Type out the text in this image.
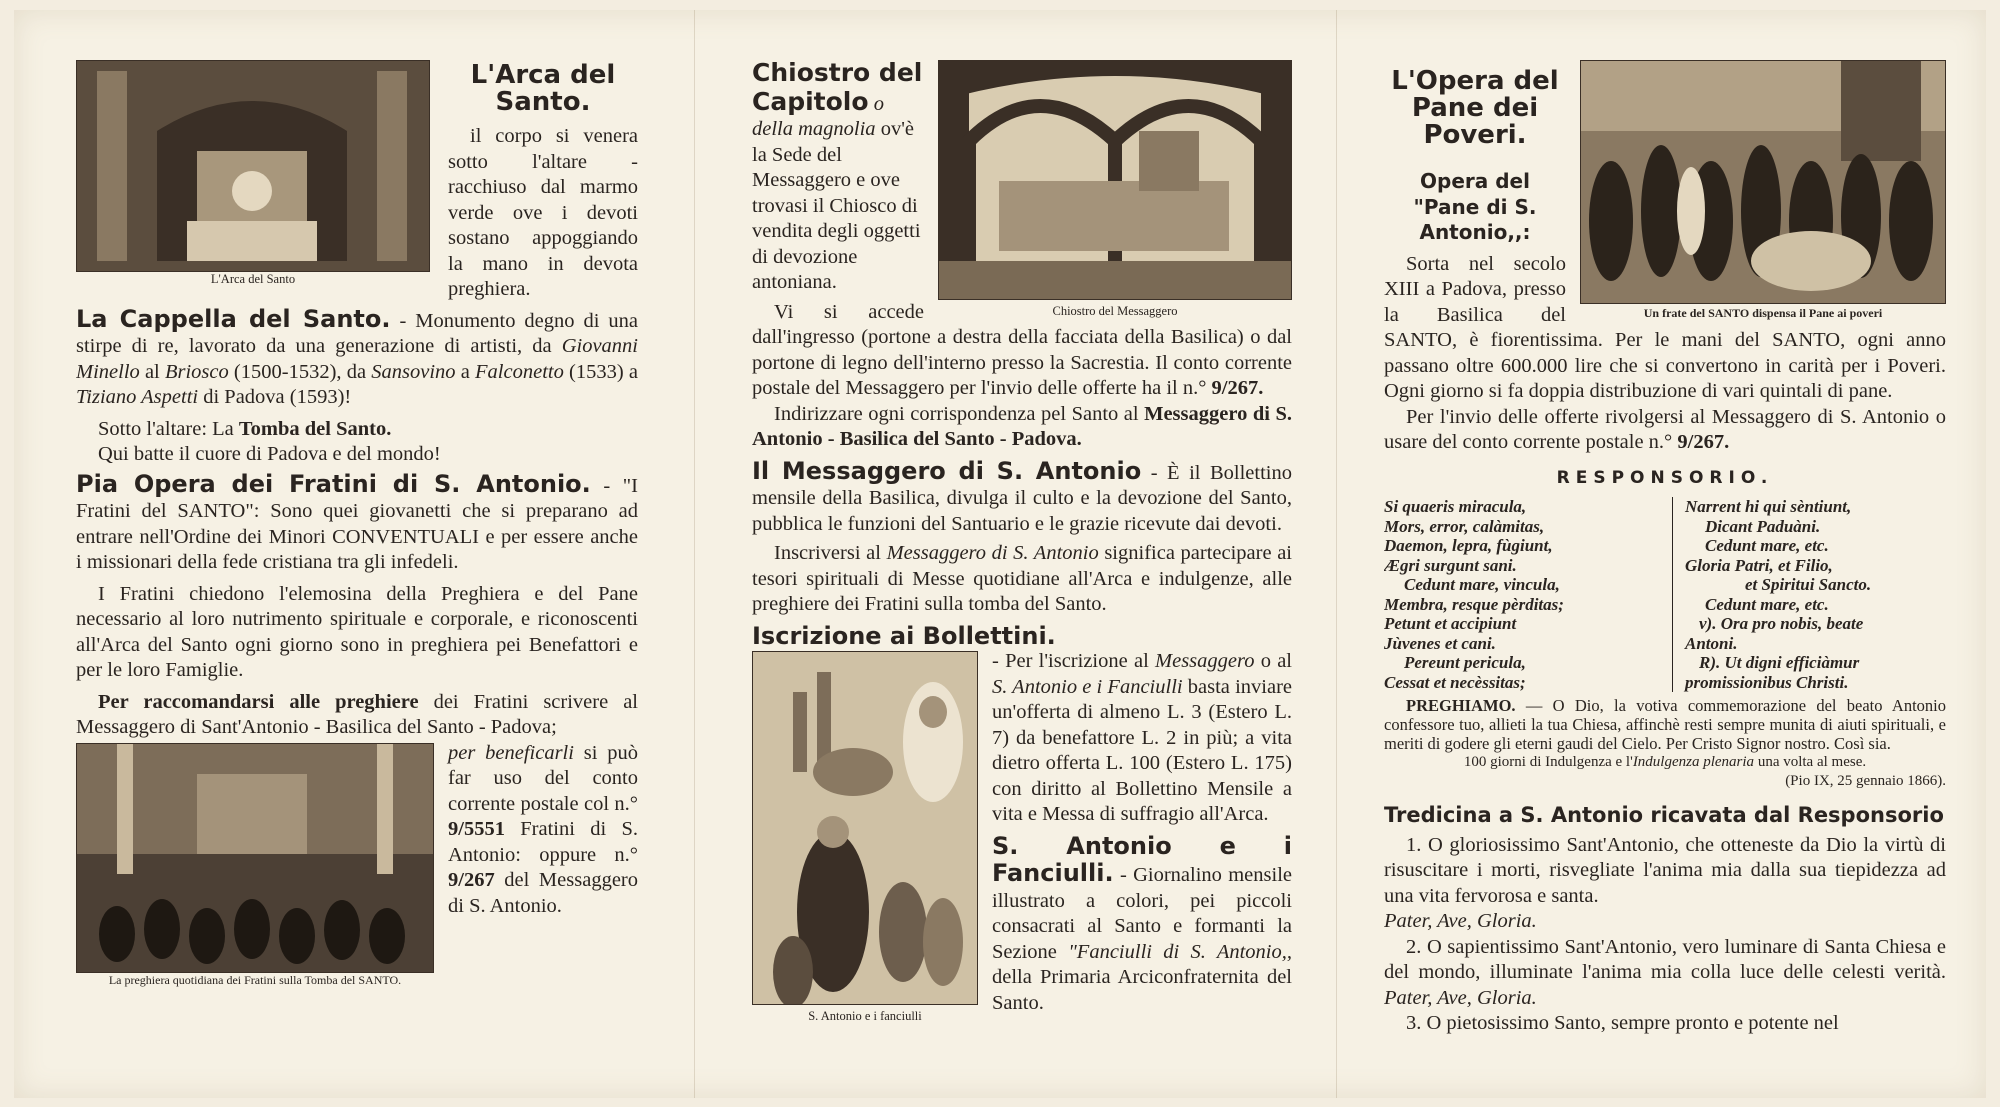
L'Arca del Santo
L'Arca del Santo.

il corpo si venera sotto l'altare - racchiuso dal marmo verde ove i devoti sostano appoggiando la mano in devota preghiera.

La Cappella del Santo. - Monumento degno di una stirpe di re, lavorato da una generazione di artisti, da Giovanni Minello al Briosco (1500-1532), da Sansovino a Falconetto (1533) a Tiziano Aspetti di Padova (1593)!

Sotto l'altare: La Tomba del Santo.

Qui batte il cuore di Padova e del mondo!

Pia Opera dei Fratini di S. Antonio. - "I Fratini del SANTO": Sono quei giovanetti che si preparano ad entrare nell'Ordine dei Minori CONVENTUALI e per essere anche i missionari della fede cristiana tra gli infedeli.

I Fratini chiedono l'elemosina della Preghiera e del Pane necessario al loro nutrimento spirituale e corporale, e riconoscenti all'Arca del Santo ogni giorno sono in preghiera pei Benefattori e per le loro Famiglie.

Per raccomandarsi alle preghiere dei Fratini scrivere al Messaggero di Sant'Antonio - Basilica del Santo - Padova;

La preghiera quotidiana dei Fratini sulla Tomba del SANTO.

per beneficarli si può far uso del conto corrente postale col n.° 9/5551 Fratini di S. Antonio: oppure n.° 9/267 del Messaggero di S. Antonio.

Chiostro del Messaggero

Chiostro del Capitolo o della magnolia ov'è la Sede del Messaggero e ove trovasi il Chiosco di vendita degli oggetti di devozione antoniana.

Vi si accede dall'ingresso (portone a destra della facciata della Basilica) o dal portone di legno dell'interno presso la Sacrestia. Il conto corrente postale del Messaggero per l'invio delle offerte ha il n.° 9/267.

Indirizzare ogni corrispondenza pel Santo al Messaggero di S. Antonio - Basilica del Santo - Padova.

Il Messaggero di S. Antonio - È il Bollettino mensile della Basilica, divulga il culto e la devozione del Santo, pubblica le funzioni del Santuario e le grazie ricevute dai devoti.

Inscriversi al Messaggero di S. Antonio significa partecipare ai tesori spirituali di Messe quotidiane all'Arca e indulgenze, alle preghiere dei Fratini sulla tomba del Santo.

Iscrizione ai Bollettini.
S. Antonio e i fanciulli

- Per l'iscrizione al Messaggero o al S. Antonio e i Fanciulli basta inviare un'offerta di almeno L. 3 (Estero L. 7) da benefattore L. 2 in più; a vita dietro offerta L. 100 (Estero L. 175) con diritto al Bollettino Mensile a vita e Messa di suffragio all'Arca.

S. Antonio e i Fanciulli. - Giornalino mensile illustrato a colori, pei piccoli consacrati al Santo e formanti la Sezione "Fanciulli di S. Antonio,, della Primaria Arciconfraternita del Santo.

Un frate del SANTO dispensa il Pane ai poveri
L'Opera del Pane dei Poveri.
Opera del "Pane di S. Antonio,,:

Sorta nel secolo XIII a Padova, presso la Basilica del SANTO, è fiorentissima. Per le mani del SANTO, ogni anno passano oltre 600.000 lire che si convertono in carità per i Poveri. Ogni giorno si fa doppia distribuzione di vari quintali di pane.

Per l'invio delle offerte rivolgersi al Messaggero di S. Antonio o usare del conto corrente postale n.° 9/267.

RESPONSORIO.
Si quaeris miracula,
Mors, error, calàmitas,
Daemon, lepra, fùgiunt,
Ægri surgunt sani.
Cedunt mare, vincula,
Membra, resque pèrditas;
Petunt et accipiunt
Jùvenes et cani.
Pereunt pericula,
Cessat et necèssitas;
Narrent hi qui sèntiunt,
Dicant Paduàni.
Cedunt mare, etc.
Gloria Patri, et Filio,
et Spiritui Sancto.
Cedunt mare, etc.
v). Ora pro nobis, beate
Antoni.
R). Ut digni efficiàmur
promissionibus Christi.

PREGHIAMO. — O Dio, la votiva commemorazione del beato Antonio confessore tuo, allieti la tua Chiesa, affinchè resti sempre munita di aiuti spirituali, e meriti di godere gli eterni gaudi del Cielo. Per Cristo Signor nostro. Così sia.

100 giorni di Indulgenza e l'Indulgenza plenaria una volta al mese.

(Pio IX, 25 gennaio 1866).

Tredicina a S. Antonio ricavata dal Responsorio

1. O gloriosissimo Sant'Antonio, che otteneste da Dio la virtù di risuscitare i morti, risvegliate l'anima mia dalla sua tiepidezza ad una vita fervorosa e santa.

Pater, Ave, Gloria.

2. O sapientissimo Sant'Antonio, vero luminare di Santa Chiesa e del mondo, illuminate l'anima mia colla luce delle celesti verità. Pater, Ave, Gloria.

3. O pietosissimo Santo, sempre pronto e potente nel
